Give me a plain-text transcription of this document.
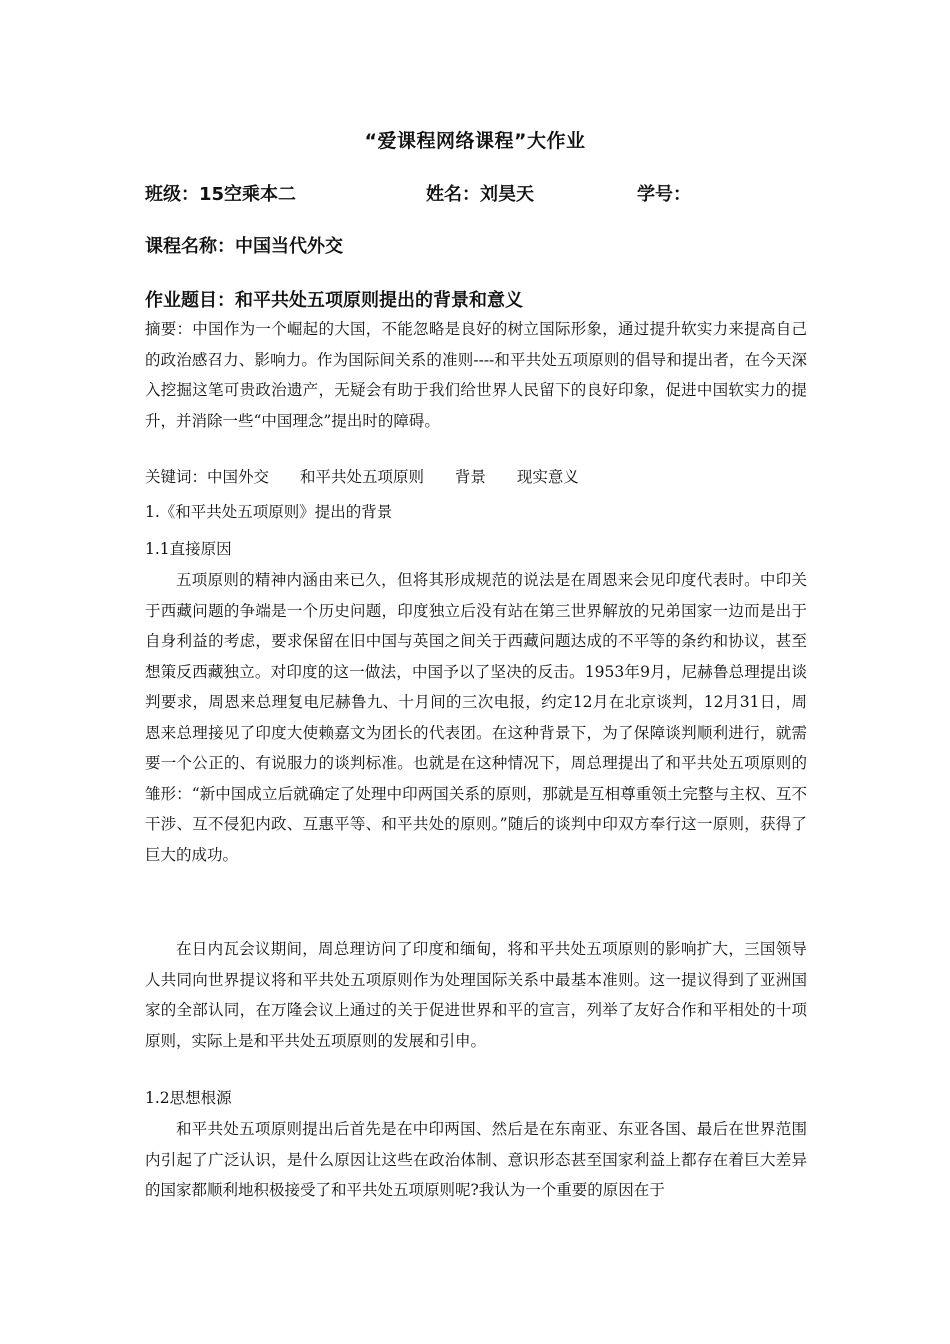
“爱课程网络课程”大作业
班级：15空乘本二	姓名：刘昊天	学号：
课程名称：中国当代外交
作业题目：和平共处五项原则提出的背景和意义
摘要：中国作为一个崛起的大国，不能忽略是良好的树立国际形象，通过提升软实力来提高自己的政治感召力、影响力。作为国际间关系的准则----和平共处五项原则的倡导和提出者，在今天深入挖掘这笔可贵政治遗产，无疑会有助于我们给世界人民留下的良好印象，促进中国软实力的提升，并消除一些“中国理念”提出时的障碍。
关键词：中国外交 和平共处五项原则 背景 现实意义
1.《和平共处五项原则》提出的背景
1.1直接原因
五项原则的精神内涵由来已久，但将其形成规范的说法是在周恩来会见印度代表时。中印关于西藏问题的争端是一个历史问题，印度独立后没有站在第三世界解放的兄弟国家一边而是出于自身利益的考虑，要求保留在旧中国与英国之间关于西藏问题达成的不平等的条约和协议，甚至想策反西藏独立。对印度的这一做法，中国予以了坚决的反击。1953年9月，尼赫鲁总理提出谈判要求，周恩来总理复电尼赫鲁九、十月间的三次电报，约定12月在北京谈判，12月31日，周恩来总理接见了印度大使赖嘉文为团长的代表团。在这种背景下，为了保障谈判顺利进行，就需要一个公正的、有说服力的谈判标准。也就是在这种情况下，周总理提出了和平共处五项原则的雏形：“新中国成立后就确定了处理中印两国关系的原则，那就是互相尊重领土完整与主权、互不干涉、互不侵犯内政、互惠平等、和平共处的原则。”随后的谈判中印双方奉行这一原则，获得了巨大的成功。
在日内瓦会议期间，周总理访问了印度和缅甸，将和平共处五项原则的影响扩大，三国领导人共同向世界提议将和平共处五项原则作为处理国际关系中最基本准则。这一提议得到了亚洲国家的全部认同，在万隆会议上通过的关于促进世界和平的宣言，列举了友好合作和平相处的十项原则，实际上是和平共处五项原则的发展和引申。
1.2思想根源
和平共处五项原则提出后首先是在中印两国、然后是在东南亚、东亚各国、最后在世界范围内引起了广泛认识，是什么原因让这些在政治体制、意识形态甚至国家利益上都存在着巨大差异的国家都顺利地积极接受了和平共处五项原则呢?我认为一个重要的原因在于
